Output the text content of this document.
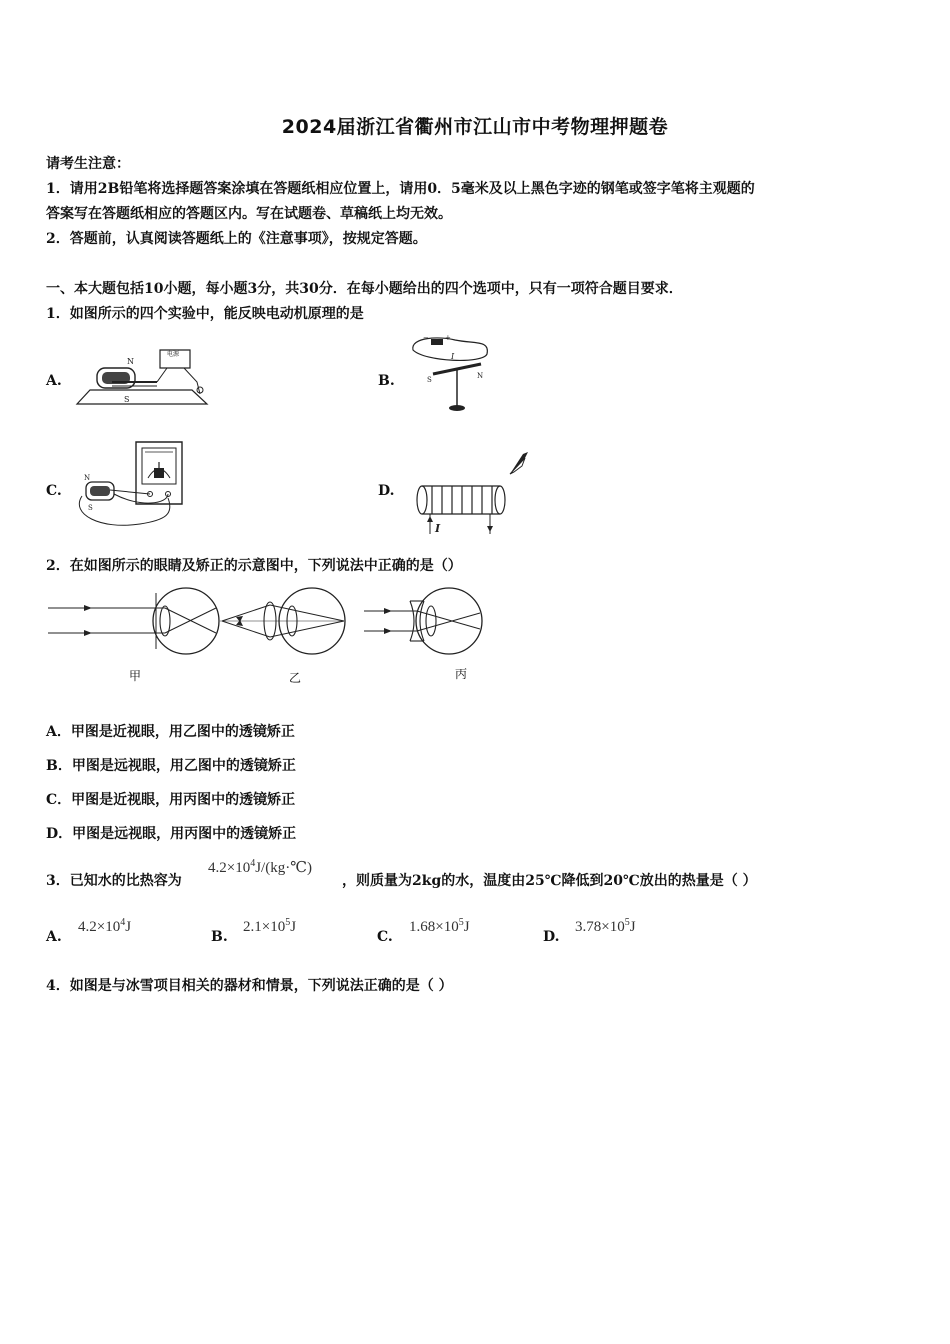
2024届浙江省衢州市江山市中考物理押题卷
请考生注意：
1．请用2B铅笔将选择题答案涂填在答题纸相应位置上，请用0．5毫米及以上黑色字迹的钢笔或签字笔将主观题的
答案写在答题纸相应的答题区内。写在试题卷、草稿纸上均无效。
2．答题前，认真阅读答题纸上的《注意事项》，按规定答题。
一、本大题包括10小题，每小题3分，共30分．在每小题给出的四个选项中，只有一项符合题目要求．
1．如图所示的四个实验中，能反映电动机原理的是
A.
电源
N
S
B.
+
−
I
S	N
C.
N
S
D.
I
2．在如图所示的眼睛及矫正的示意图中，下列说法中正确的是（）
甲	乙	丙
A．甲图是近视眼，用乙图中的透镜矫正
B．甲图是远视眼，用乙图中的透镜矫正
C．甲图是近视眼，用丙图中的透镜矫正
D．甲图是远视眼，用丙图中的透镜矫正
3．已知水的比热容为
$4.2\times 10^4J/(kg\cdot℃)$
，则质量为2kg的水，温度由25℃降低到20℃放出的热量是（ ）
A.
$4.2\times 10^4J$
B.
$2.1\times 10^5J$
C.
$1.68\times 10^5J$
D.
$3.78\times 10^5J$
4．如图是与冰雪项目相关的器材和情景，下列说法正确的是（ ）
